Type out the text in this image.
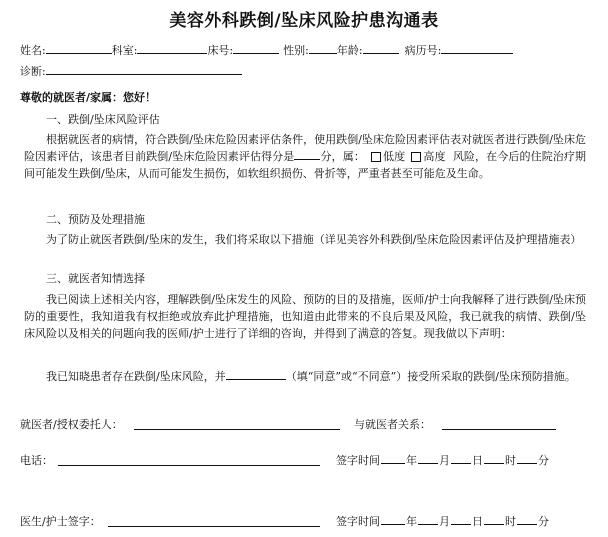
美容外科跌倒/坠床风险护患沟通表
姓名:	科室:	床号:	性别:	年龄:	病历号:
诊断:
尊敬的就医者/家属：您好！
一、跌倒/坠床风险评估
根据就医者的病情，符合跌倒/坠床危险因素评估条件，使用跌倒/坠床危险因素评估表对就医者进行跌倒/坠床危险因素评估，该患者目前跌倒/坠床危险因素评估得分是 分，属： 低度 高度 风险，在今后的住院治疗期间可能发生跌倒/坠床，从而可能发生损伤，如软组织损伤、骨折等，严重者甚至可能危及生命。
二、预防及处理措施
为了防止就医者跌倒/坠床的发生，我们将采取以下措施（详见美容外科跌倒/坠床危险因素评估及护理措施表）
三、就医者知情选择
我已阅读上述相关内容，理解跌倒/坠床发生的风险、预防的目的及措施，医师/护士向我解释了进行跌倒/坠床预防的重要性，我知道我有权拒绝或放弃此护理措施，也知道由此带来的不良后果及风险，我已就我的病情、跌倒/坠床风险以及相关的问题向我的医师/护士进行了详细的咨询，并得到了满意的答复。现我做以下声明：
我已知晓患者存在跌倒/坠床风险，并	（填“同意”或“不同意”）接受所采取的跌倒/坠床预防措施。
就医者/授权委托人：	与就医者关系：
电话：	签字时间 年 月 日 时 分
医生/护士签字：	签字时间 年 月 日 时 分
